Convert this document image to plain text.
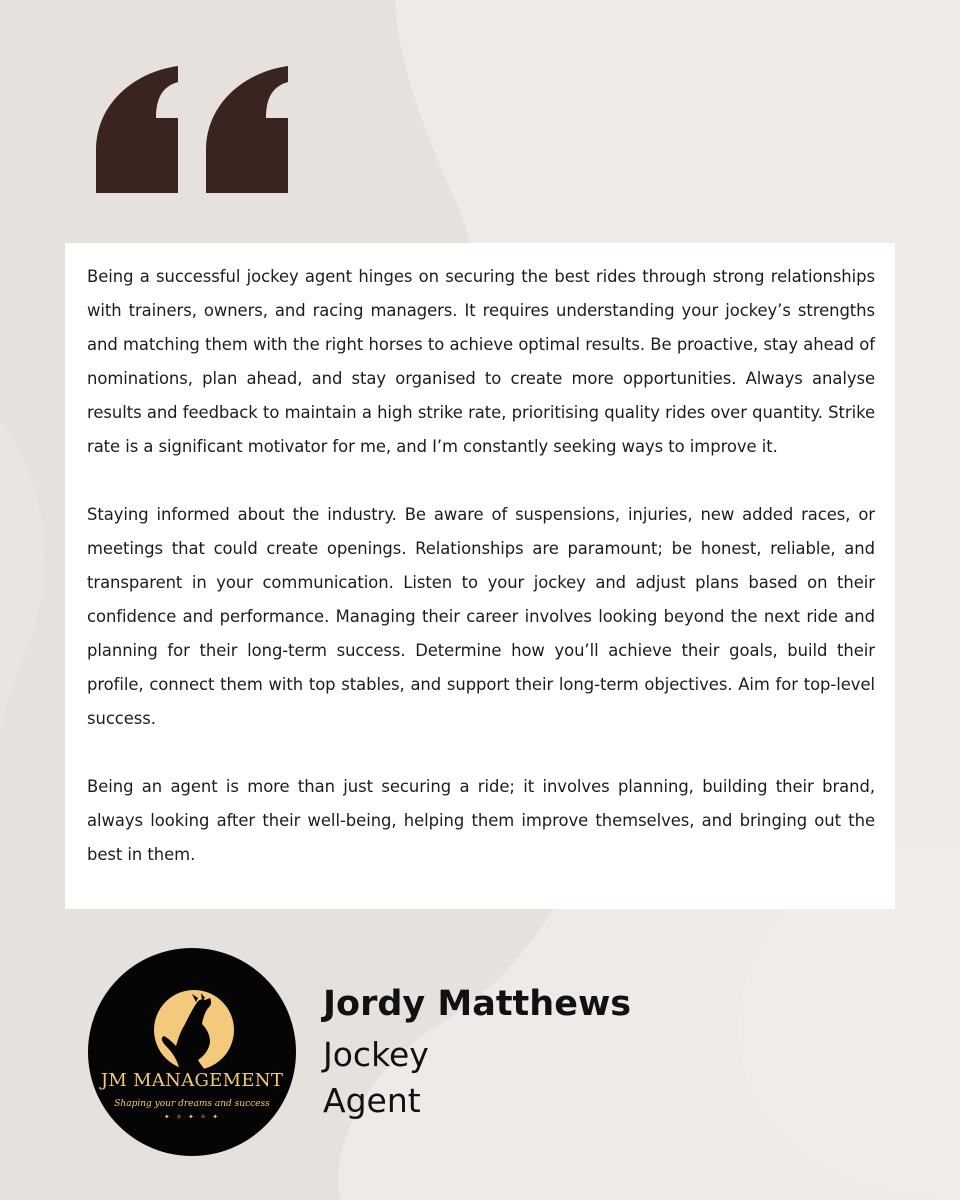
Being a successful jockey agent hinges on securing the best rides through strong relationships with trainers, owners, and racing managers. It requires understanding your jockey’s strengths and matching them with the right horses to achieve optimal results. Be proactive, stay ahead of nominations, plan ahead, and stay organised to create more opportunities. Always analyse results and feedback to maintain a high strike rate, prioritising quality rides over quantity. Strike rate is a significant motivator for me, and I’m constantly seeking ways to improve it.

Staying informed about the industry. Be aware of suspensions, injuries, new added races, or meetings that could create openings. Relationships are paramount; be honest, reliable, and transparent in your communication. Listen to your jockey and adjust plans based on their confidence and performance. Managing their career involves looking beyond the next ride and planning for their long-term success. Determine how you’ll achieve their goals, build their profile, connect them with top stables, and support their long-term objectives. Aim for top-level success.

Being an agent is more than just securing a ride; it involves planning, building their brand, always looking after their well-being, helping them improve themselves, and bringing out the best in them.

JM MANAGEMENT
Shaping your dreams and success
✦ ✧ ✦ ✧ ✦
Jordy Matthews
Jockey
Agent
